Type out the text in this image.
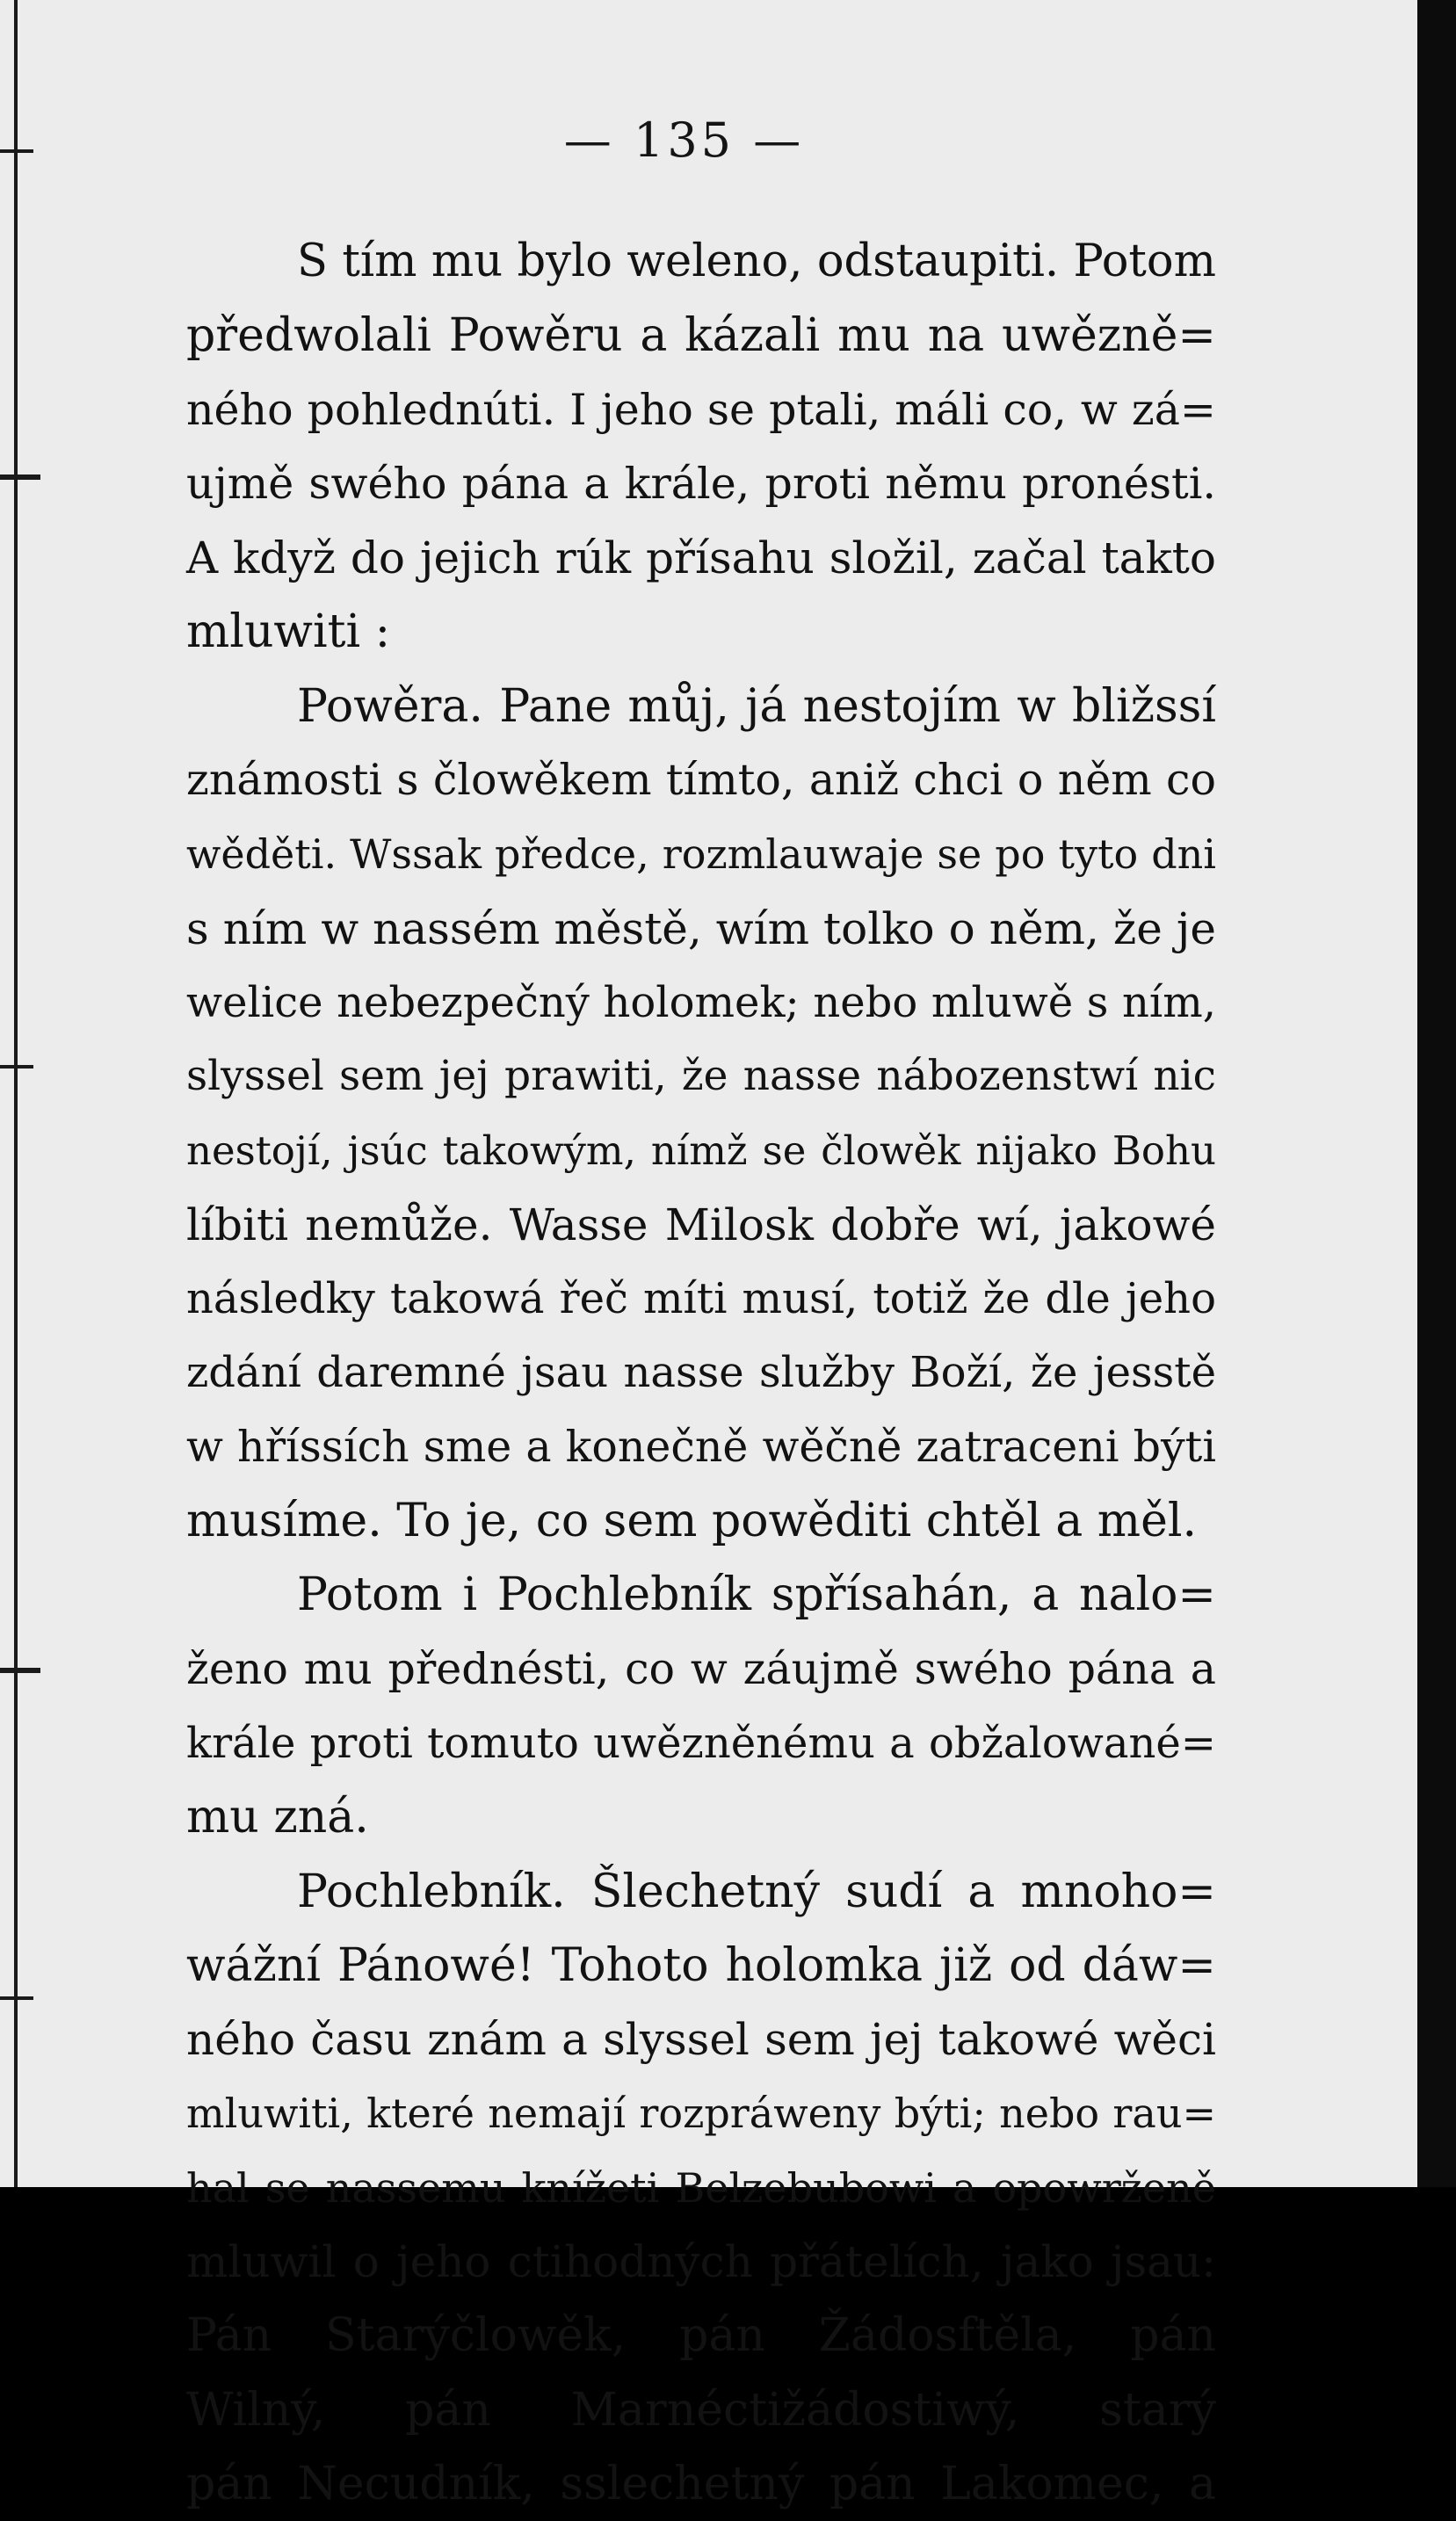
— 135 —
S tím mu bylo weleno, odstaupiti. Potom
předwolali Powěru a kázali mu na uwězně=
ného pohlednúti. I jeho se ptali, máli co, w zá=
ujmě swého pána a krále, proti němu pronésti.
A když do jejich rúk přísahu složil, začal takto
mluwiti :
Powěra. Pane můj, já nestojím w bližssí
známosti s člowěkem tímto, aniž chci o něm co
wěděti. Wssak předce, rozmlauwaje se po tyto dni
s ním w nassém městě, wím tolko o něm, že je
welice nebezpečný holomek; nebo mluwě s ním,
slyssel sem jej prawiti, že nasse nábozenstwí nic
nestojí, jsúc takowým, nímž se člowěk nijako Bohu
líbiti nemůže. Wasse Milosk dobře wí, jakowé
následky takowá řeč míti musí, totiž že dle jeho
zdání daremné jsau nasse služby Boží, že jesstě
w hříssích sme a konečně wěčně zatraceni býti
musíme. To je, co sem powěditi chtěl a měl.
Potom i Pochlebník spřísahán, a nalo=
ženo mu přednésti, co w záujmě swého pána a
krále proti tomuto uwězněnému a obžalowané=
mu zná.
Pochlebník. Šlechetný sudí a mnoho=
wážní Pánowé! Tohoto holomka již od dáw=
ného času znám a slyssel sem jej takowé wěci
mluwiti, které nemají rozpráweny býti; nebo rau=
hal se nassemu knížeti Belzebubowi a opowrženě
mluwil o jeho ctihodných přátelích, jako jsau:
Pán Starýčlowěk, pán Žádosftěla, pán
Wilný, pán Marnéctižádostiwý, starý
pán Necudník, sslechetný pán Lakomec, a
